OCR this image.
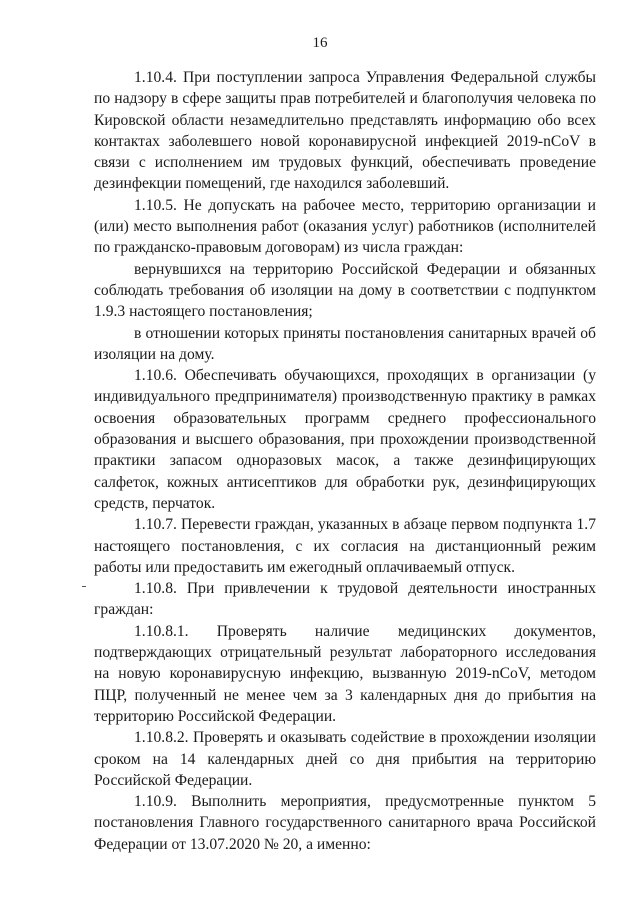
16

1.10.4. При поступлении запроса Управления Федеральной службы по надзору в сфере защиты прав потребителей и благополучия человека по Кировской области незамедлительно представлять информацию обо всех контактах заболевшего новой коронавирусной инфекцией 2019-nCoV в связи с исполнением им трудовых функций, обеспечивать проведение дезинфекции помещений, где находился заболевший.

1.10.5. Не допускать на рабочее место, территорию организации и (или) место выполнения работ (оказания услуг) работников (исполнителей по гражданско-правовым договорам) из числа граждан:

вернувшихся на территорию Российской Федерации и обязанных соблюдать требования об изоляции на дому в соответствии с подпунктом 1.9.3 настоящего постановления;

в отношении которых приняты постановления санитарных врачей об изоляции на дому.

1.10.6. Обеспечивать обучающихся, проходящих в организации (у индивидуального предпринимателя) производственную практику в рамках освоения образовательных программ среднего профессионального образования и высшего образования, при прохождении производственной практики запасом одноразовых масок, а также дезинфицирующих салфеток, кожных антисептиков для обработки рук, дезинфицирующих средств, перчаток.

1.10.7. Перевести граждан, указанных в абзаце первом подпункта 1.7 настоящего постановления, с их согласия на дистанционный режим работы или предоставить им ежегодный оплачиваемый отпуск.

1.10.8. При привлечении к трудовой деятельности иностранных граждан:

1.10.8.1. Проверять наличие медицинских документов, подтверждающих отрицательный результат лабораторного исследования на новую коронавирусную инфекцию, вызванную 2019-nCoV, методом ПЦР, полученный не менее чем за 3 календарных дня до прибытия на территорию Российской Федерации.

1.10.8.2. Проверять и оказывать содействие в прохождении изоляции сроком на 14 календарных дней со дня прибытия на территорию Российской Федерации.

1.10.9. Выполнить мероприятия, предусмотренные пунктом 5 постановления Главного государственного санитарного врача Российской Федерации от 13.07.2020 № 20, а именно:
